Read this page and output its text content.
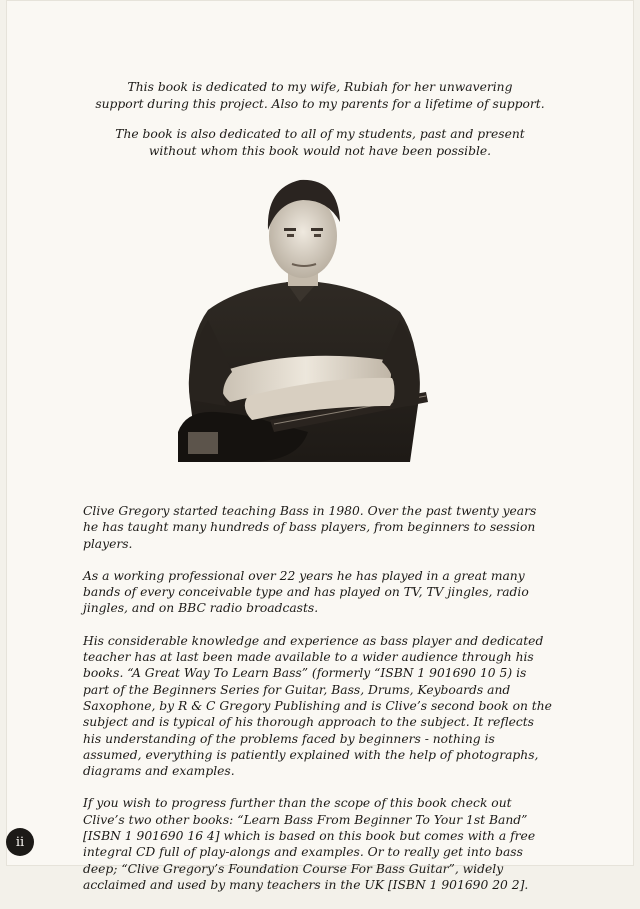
This book is dedicated to my wife, Rubiah for her unwavering
support during this project. Also to my parents for a lifetime of support.

The book is also dedicated to all of my students, past and present
without whom this book would not have been possible.

Clive Gregory started teaching Bass in 1980. Over the past twenty years he has taught many hundreds of bass players, from beginners to session players.

As a working professional over 22 years he has played in a great many bands of every conceivable type and has played on TV, TV jingles, radio jingles, and on BBC radio broadcasts.

His considerable knowledge and experience as bass player and dedicated teacher has at last been made available to a wider audience through his books. “A Great Way To Learn Bass” (formerly “ISBN 1 901690 10 5) is part of the Beginners Series for Guitar, Bass, Drums, Keyboards and Saxophone, by R & C Gregory Publishing and is Clive’s second book on the subject and is typical of his thorough approach to the subject. It reflects his understanding of the problems faced by beginners - nothing is assumed, everything is patiently explained with the help of photographs, diagrams and examples.

If you wish to progress further than the scope of this book check out Clive’s two other books: “Learn Bass From Beginner To Your 1st Band” [ISBN 1 901690 16 4] which is based on this book but comes with a free integral CD full of play-alongs and examples. Or to really get into bass deep; “Clive Gregory’s Foundation Course For Bass Guitar”, widely acclaimed and used by many teachers in the UK [ISBN 1 901690 20 2].

ii
